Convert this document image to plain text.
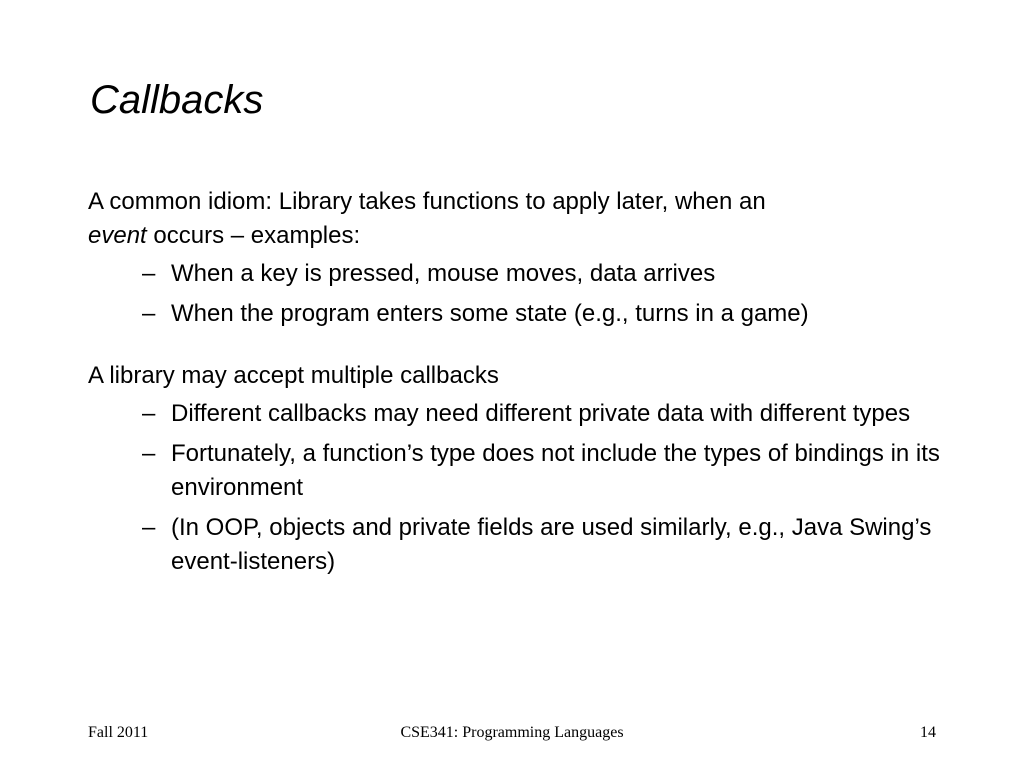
Callbacks

A common idiom: Library takes functions to apply later, when an
event occurs – examples:

– When a key is pressed, mouse moves, data arrives
– When the program enters some state (e.g., turns in a game)

A library may accept multiple callbacks

– Different callbacks may need different private data with different types
– Fortunately, a function’s type does not include the types of bindings in its environment
– (In OOP, objects and private fields are used similarly, e.g., Java Swing’s event-listeners)
Fall 2011	CSE341: Programming Languages	14
